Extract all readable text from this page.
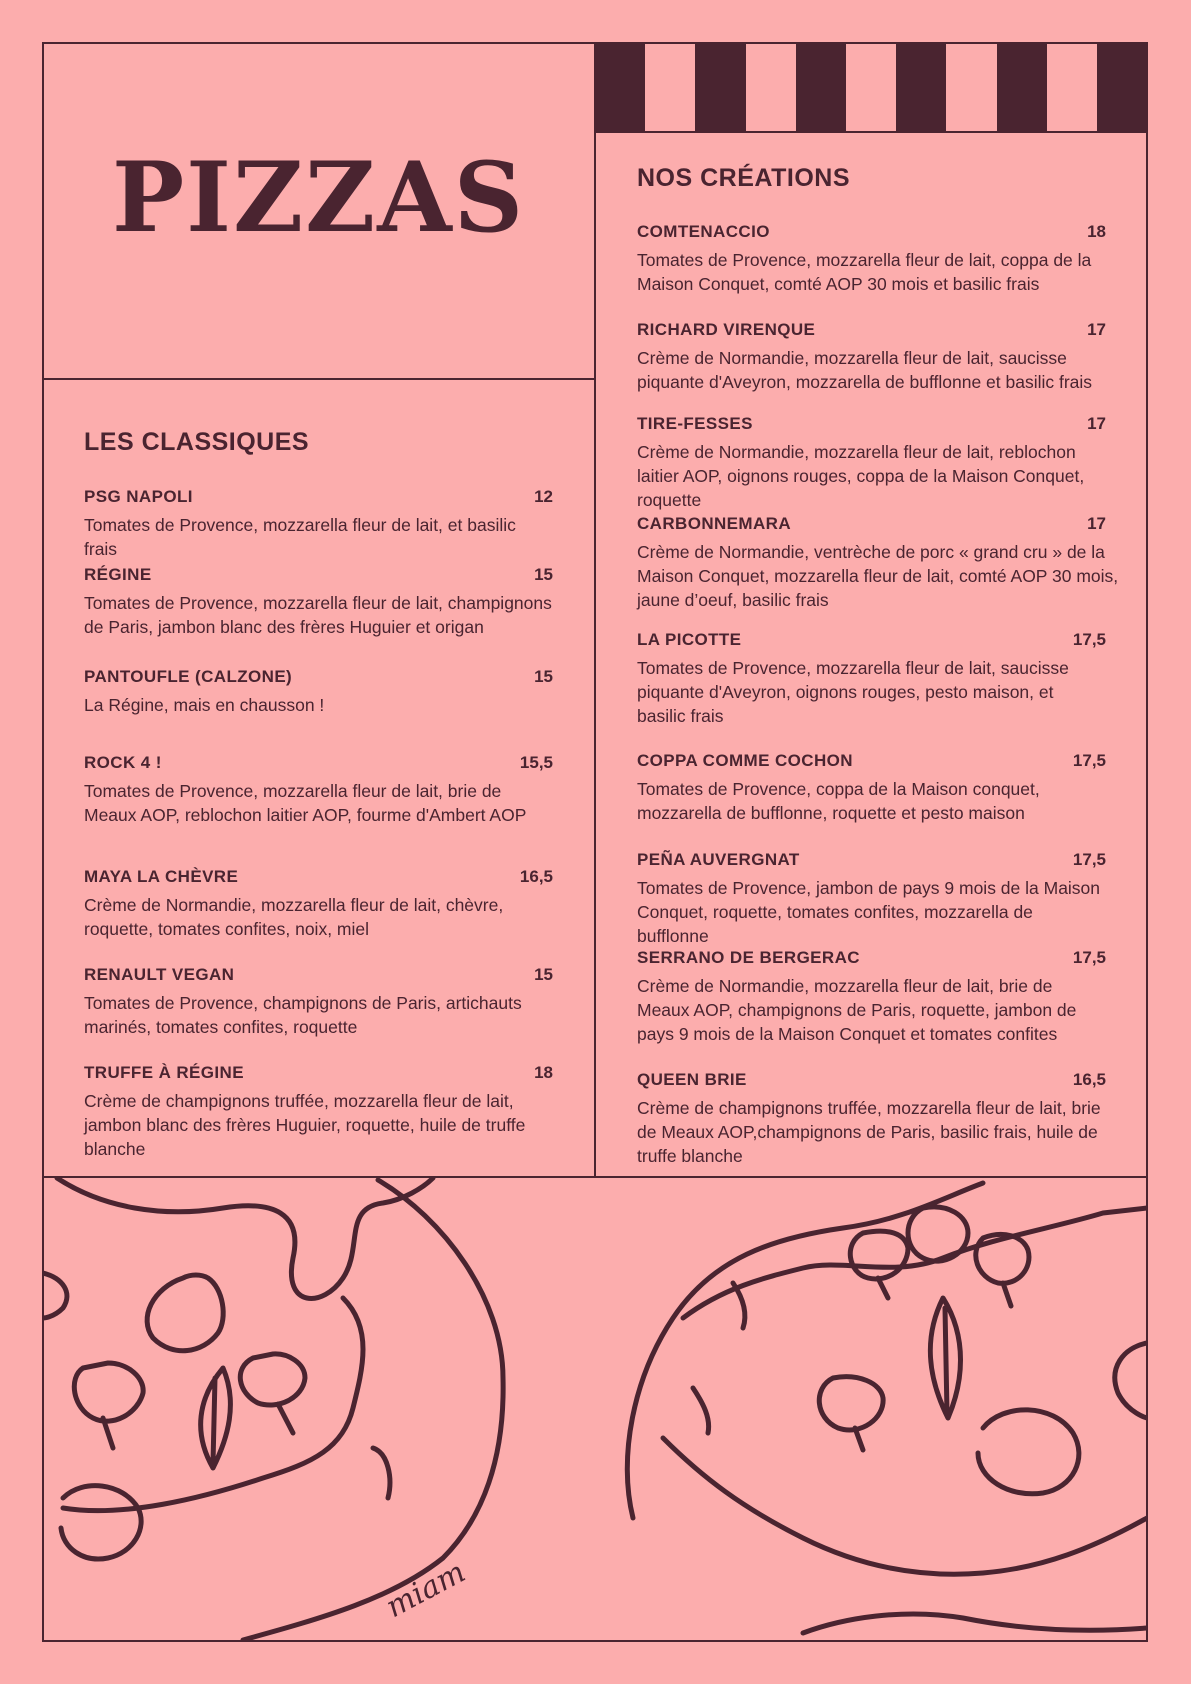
PIZZAS
LES CLASSIQUES
NOS CRÉATIONS
PSG NAPOLI	12
Tomates de Provence, mozzarella fleur de lait, et basilic frais
RÉGINE	15
Tomates de Provence, mozzarella fleur de lait, champignons de Paris, jambon blanc des frères Huguier et origan
PANTOUFLE (CALZONE)	15
La Régine, mais en chausson !
ROCK 4 !	15,5
Tomates de Provence, mozzarella fleur de lait, brie de Meaux AOP, reblochon laitier AOP, fourme d'Ambert AOP
MAYA LA CHÈVRE	16,5
Crème de Normandie, mozzarella fleur de lait, chèvre, roquette, tomates confites, noix, miel
RENAULT VEGAN	15
Tomates de Provence, champignons de Paris, artichauts marinés, tomates confites, roquette
TRUFFE À RÉGINE	18
Crème de champignons truffée, mozzarella fleur de lait, jambon blanc des frères Huguier, roquette, huile de truffe blanche
COMTENACCIO	18
Tomates de Provence, mozzarella fleur de lait, coppa de la Maison Conquet, comté AOP 30 mois et basilic frais
RICHARD VIRENQUE	17
Crème de Normandie, mozzarella fleur de lait, saucisse piquante d'Aveyron, mozzarella de bufflonne et basilic frais
TIRE-FESSES	17
Crème de Normandie, mozzarella fleur de lait, reblochon laitier AOP, oignons rouges, coppa de la Maison Conquet, roquette
CARBONNEMARA	17
Crème de Normandie, ventrèche de porc « grand cru » de la Maison Conquet, mozzarella fleur de lait, comté AOP 30 mois, jaune d’oeuf, basilic frais
LA PICOTTE	17,5
Tomates de Provence, mozzarella fleur de lait, saucisse piquante d'Aveyron, oignons rouges, pesto maison, et basilic frais
COPPA COMME COCHON	17,5
Tomates de Provence, coppa de la Maison conquet, mozzarella de bufflonne, roquette et pesto maison
PEÑA AUVERGNAT	17,5
Tomates de Provence, jambon de pays 9 mois de la Maison Conquet, roquette, tomates confites, mozzarella de bufflonne
SERRANO DE BERGERAC	17,5
Crème de Normandie, mozzarella fleur de lait, brie de Meaux AOP, champignons de Paris, roquette, jambon de pays 9 mois de la Maison Conquet et tomates confites
QUEEN BRIE	16,5
Crème de champignons truffée, mozzarella fleur de lait, brie de Meaux AOP,champignons de Paris, basilic frais, huile de truffe blanche
miam
